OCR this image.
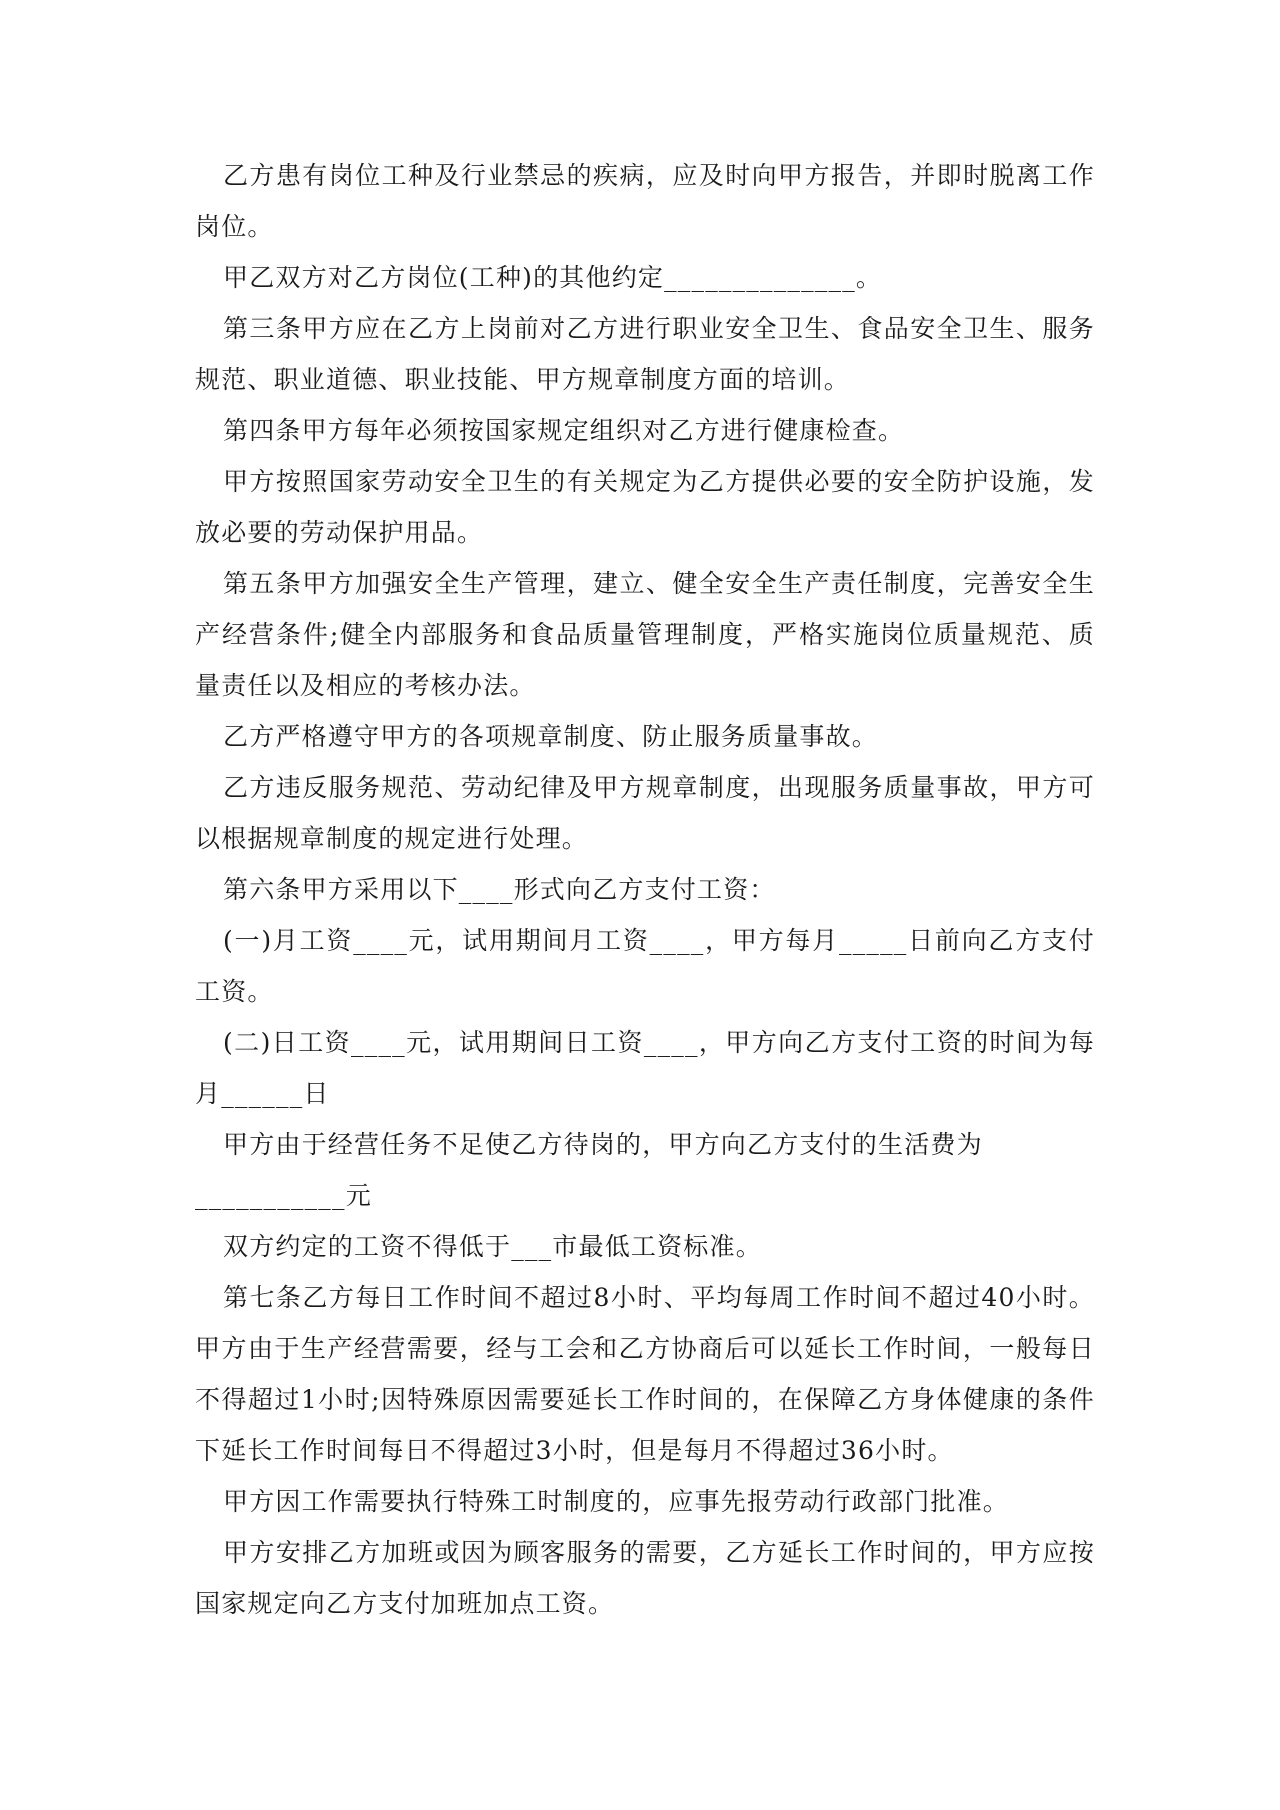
乙方患有岗位工种及行业禁忌的疾病，应及时向甲方报告，并即时脱离工作岗位。

甲乙双方对乙方岗位(工种)的其他约定______________。

第三条甲方应在乙方上岗前对乙方进行职业安全卫生、食品安全卫生、服务规范、职业道德、职业技能、甲方规章制度方面的培训。

第四条甲方每年必须按国家规定组织对乙方进行健康检查。

甲方按照国家劳动安全卫生的有关规定为乙方提供必要的安全防护设施，发放必要的劳动保护用品。

第五条甲方加强安全生产管理，建立、健全安全生产责任制度，完善安全生产经营条件;健全内部服务和食品质量管理制度，严格实施岗位质量规范、质量责任以及相应的考核办法。

乙方严格遵守甲方的各项规章制度、防止服务质量事故。

乙方违反服务规范、劳动纪律及甲方规章制度，出现服务质量事故，甲方可以根据规章制度的规定进行处理。

第六条甲方采用以下____形式向乙方支付工资：

(一)月工资____元，试用期间月工资____，甲方每月_____日前向乙方支付工资。

(二)日工资____元，试用期间日工资____，甲方向乙方支付工资的时间为每月______日

甲方由于经营任务不足使乙方待岗的，甲方向乙方支付的生活费为

___________元

双方约定的工资不得低于___市最低工资标准。

第七条乙方每日工作时间不超过8小时、平均每周工作时间不超过40小时。甲方由于生产经营需要，经与工会和乙方协商后可以延长工作时间，一般每日不得超过1小时;因特殊原因需要延长工作时间的，在保障乙方身体健康的条件下延长工作时间每日不得超过3小时，但是每月不得超过36小时。

甲方因工作需要执行特殊工时制度的，应事先报劳动行政部门批准。

甲方安排乙方加班或因为顾客服务的需要，乙方延长工作时间的，甲方应按国家规定向乙方支付加班加点工资。
